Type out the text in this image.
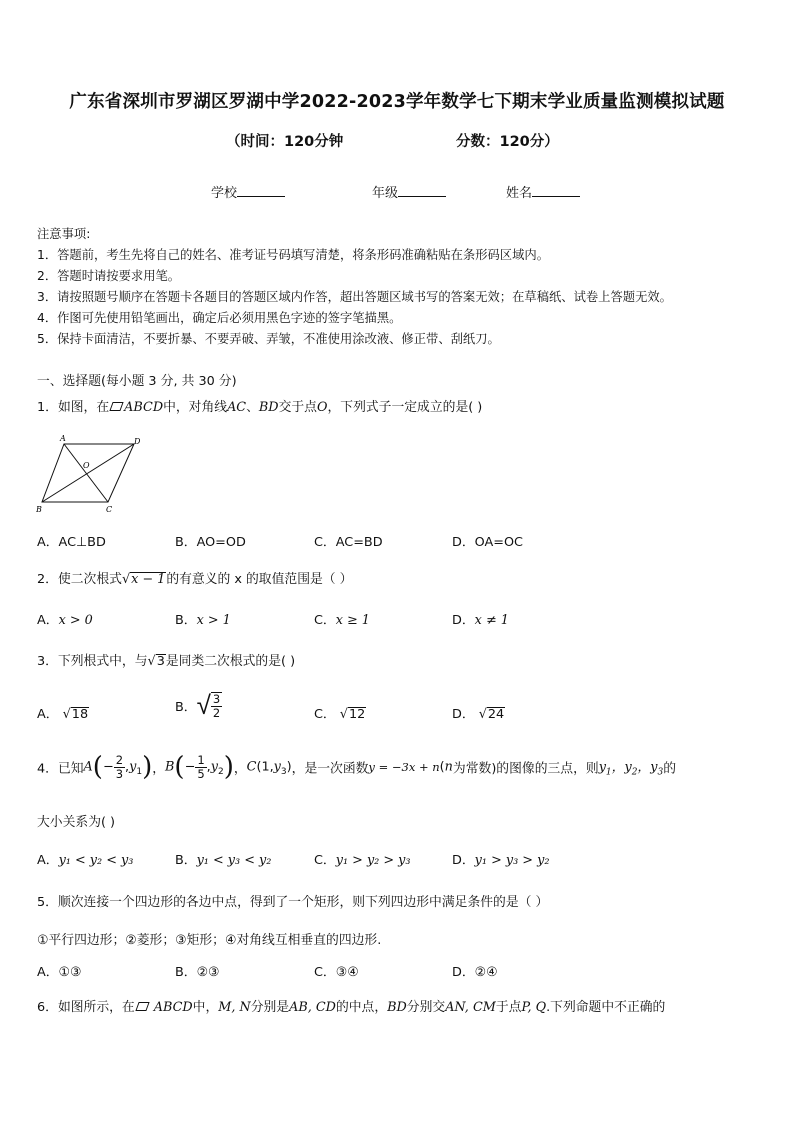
广东省深圳市罗湖区罗湖中学2022-2023学年数学七下期末学业质量监测模拟试题
（时间：120分钟	分数：120分）
学校	年级	姓名
注意事项:
1．答题前，考生先将自己的姓名、准考证号码填写清楚，将条形码准确粘贴在条形码区域内。
2．答题时请按要求用笔。
3．请按照题号顺序在答题卡各题目的答题区域内作答，超出答题区域书写的答案无效；在草稿纸、试卷上答题无效。
4．作图可先使用铅笔画出，确定后必须用黑色字迹的签字笔描黑。
5．保持卡面清洁，不要折暴、不要弄破、弄皱，不准使用涂改液、修正带、刮纸刀。
一、选择题(每小题 3 分, 共 30 分)
1．如图，在 ABCD中，对角线AC、BD交于点O，下列式子一定成立的是( )
A	D
B	C
O
A．AC⊥BD	B．AO=OD	C．AC=BD	D．OA=OC
2．使二次根式√x − 1的有意义的 x 的取值范围是（ ）
A．x > 0	B．x > 1	C．x ≥ 1	D．x ≠ 1
3．下列根式中，与√3是同类二次根式的是( )
A． √18	B．√ $\frac{3}{2}$	C． √12	D． √24
4．已知$A(- \frac{2}{3} ,y_1)$，$B(- \frac{1}{5} ,y_2)$，$C(1,y_3)$，是一次函数y = −3x + n(n为常数)的图像的三点，则$y_1$，$y_2$，$y_3$的
大小关系为( )
A．y₁ < y₂ < y₃	B．y₁ < y₃ < y₂	C．y₁ > y₂ > y₃	D．y₁ > y₃ > y₂
5．顺次连接一个四边形的各边中点，得到了一个矩形，则下列四边形中满足条件的是（ ）
①平行四边形；②菱形；③矩形；④对角线互相垂直的四边形.
A．①③	B．②③	C．③④	D．②④
6．如图所示，在 ABCD中，M, N分别是AB, CD的中点，BD分别交AN, CM于点P, Q.下列命题中不正确的
